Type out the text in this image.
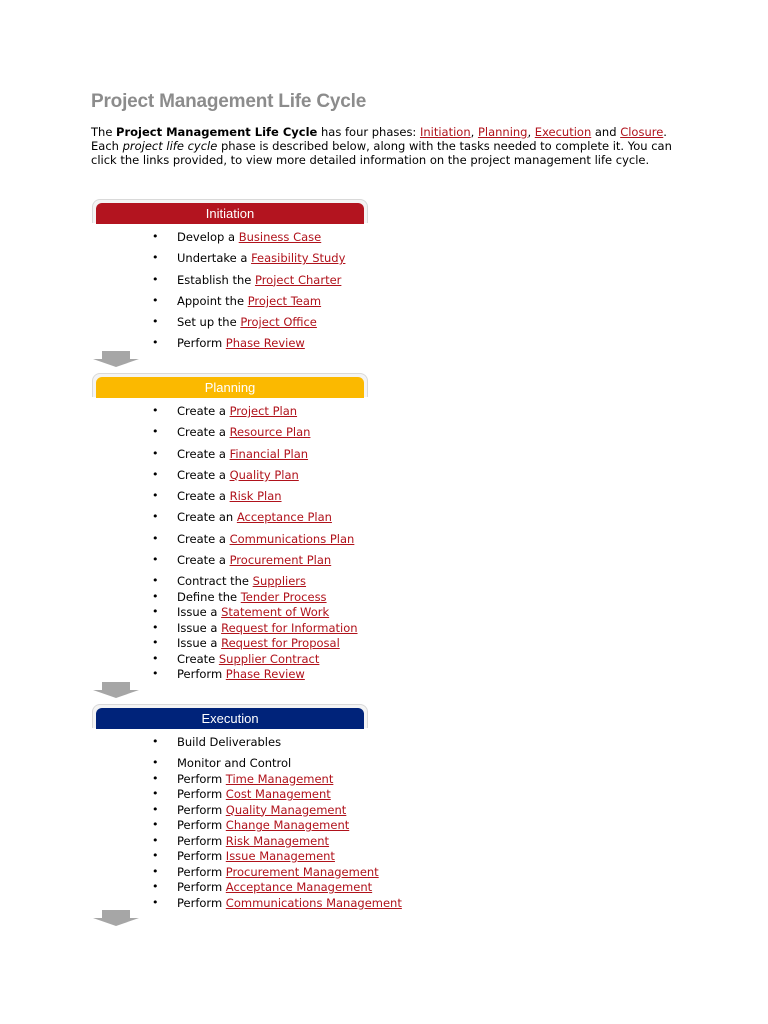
Project Management Life Cycle

The Project Management Life Cycle has four phases: Initiation, Planning, Execution and Closure. Each project life cycle phase is described below, along with the tasks needed to complete it. You can click the links provided, to view more detailed information on the project management life cycle.

Initiation
• Develop a Business Case
• Undertake a Feasibility Study
• Establish the Project Charter
• Appoint the Project Team
• Set up the Project Office
• Perform Phase Review
Planning
• Create a Project Plan
• Create a Resource Plan
• Create a Financial Plan
• Create a Quality Plan
• Create a Risk Plan
• Create an Acceptance Plan
• Create a Communications Plan
• Create a Procurement Plan
• Contract the Suppliers
• Define the Tender Process
• Issue a Statement of Work
• Issue a Request for Information
• Issue a Request for Proposal
• Create Supplier Contract
• Perform Phase Review
Execution
• Build Deliverables
• Monitor and Control
• Perform Time Management
• Perform Cost Management
• Perform Quality Management
• Perform Change Management
• Perform Risk Management
• Perform Issue Management
• Perform Procurement Management
• Perform Acceptance Management
• Perform Communications Management
